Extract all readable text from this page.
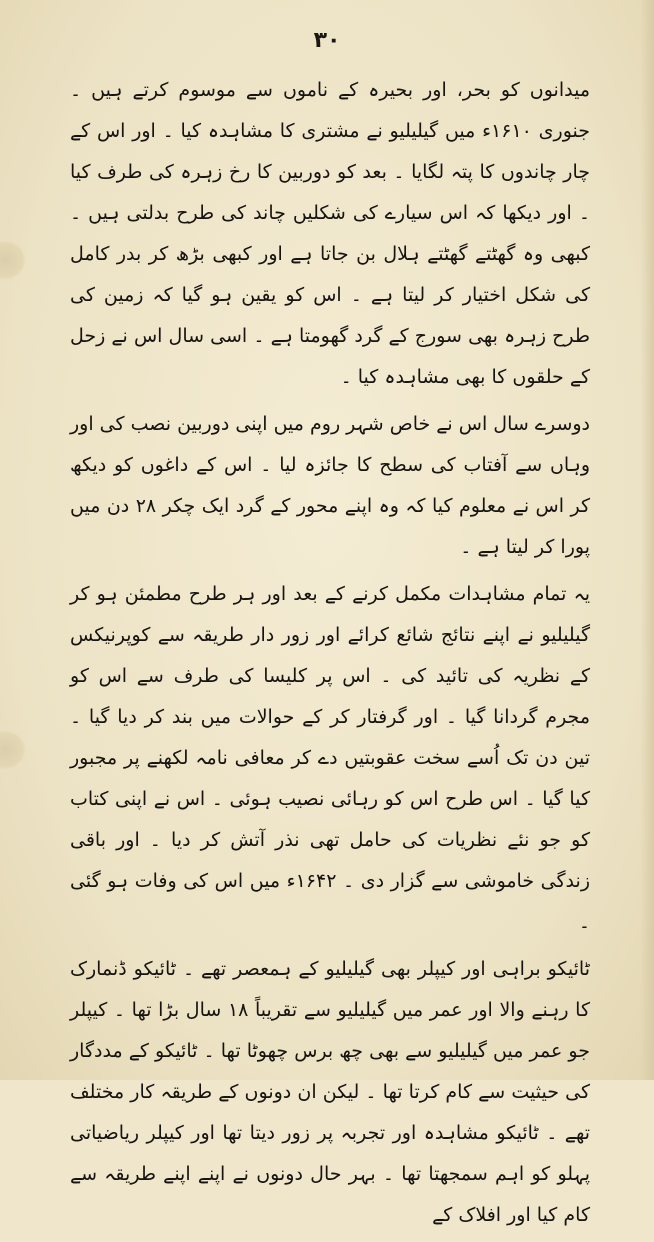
۳۰

میدانوں کو بحر، اور بحیرہ کے ناموں سے موسوم کرتے ہیں ۔ جنوری ۱۶۱۰ء میں گیلیلیو نے مشتری کا مشاہدہ کیا ۔ اور اس کے چار چاندوں کا پتہ لگایا ۔ بعد کو دوربین کا رخ زہرہ کی طرف کیا ۔ اور دیکھا کہ اس سیارے کی شکلیں چاند کی طرح بدلتی ہیں ۔ کبھی وہ گھٹتے گھٹتے ہلال بن جاتا ہے اور کبھی بڑھ کر بدر کامل کی شکل اختیار کر لیتا ہے ۔ اس کو یقین ہو گیا کہ زمین کی طرح زہرہ بھی سورج کے گرد گھومتا ہے ۔ اسی سال اس نے زحل کے حلقوں کا بھی مشاہدہ کیا ۔

دوسرے سال اس نے خاص شہر روم میں اپنی دوربین نصب کی اور وہاں سے آفتاب کی سطح کا جائزہ لیا ۔ اس کے داغوں کو دیکھ کر اس نے معلوم کیا کہ وہ اپنے محور کے گرد ایک چکر ۲۸ دن میں پورا کر لیتا ہے ۔

یہ تمام مشاہدات مکمل کرنے کے بعد اور ہر طرح مطمئن ہو کر گیلیلیو نے اپنے نتائج شائع کرائے اور زور دار طریقہ سے کوپرنیکس کے نظریہ کی تائید کی ۔ اس پر کلیسا کی طرف سے اس کو مجرم گردانا گیا ۔ اور گرفتار کر کے حوالات میں بند کر دیا گیا ۔ تین دن تک اُسے سخت عقوبتیں دے کر معافی نامہ لکھنے پر مجبور کیا گیا ۔ اس طرح اس کو رہائی نصیب ہوئی ۔ اس نے اپنی کتاب کو جو نئے نظریات کی حامل تھی نذر آتش کر دیا ۔ اور باقی زندگی خاموشی سے گزار دی ۔ ۱۶۴۲ء میں اس کی وفات ہو گئی ۔

ٹائیکو براہی اور کیپلر بھی گیلیلیو کے ہمعصر تھے ۔ ٹائیکو ڈنمارک کا رہنے والا اور عمر میں گیلیلیو سے تقریباً ۱۸ سال بڑا تھا ۔ کیپلر جو عمر میں گیلیلیو سے بھی چھ برس چھوٹا تھا ۔ ٹائیکو کے مددگار کی حیثیت سے کام کرتا تھا ۔ لیکن ان دونوں کے طریقہ کار مختلف تھے ۔ ٹائیکو مشاہدہ اور تجربہ پر زور دیتا تھا اور کیپلر ریاضیاتی پہلو کو اہم سمجھتا تھا ۔ بہر حال دونوں نے اپنے اپنے طریقہ سے کام کیا اور افلاک کے
